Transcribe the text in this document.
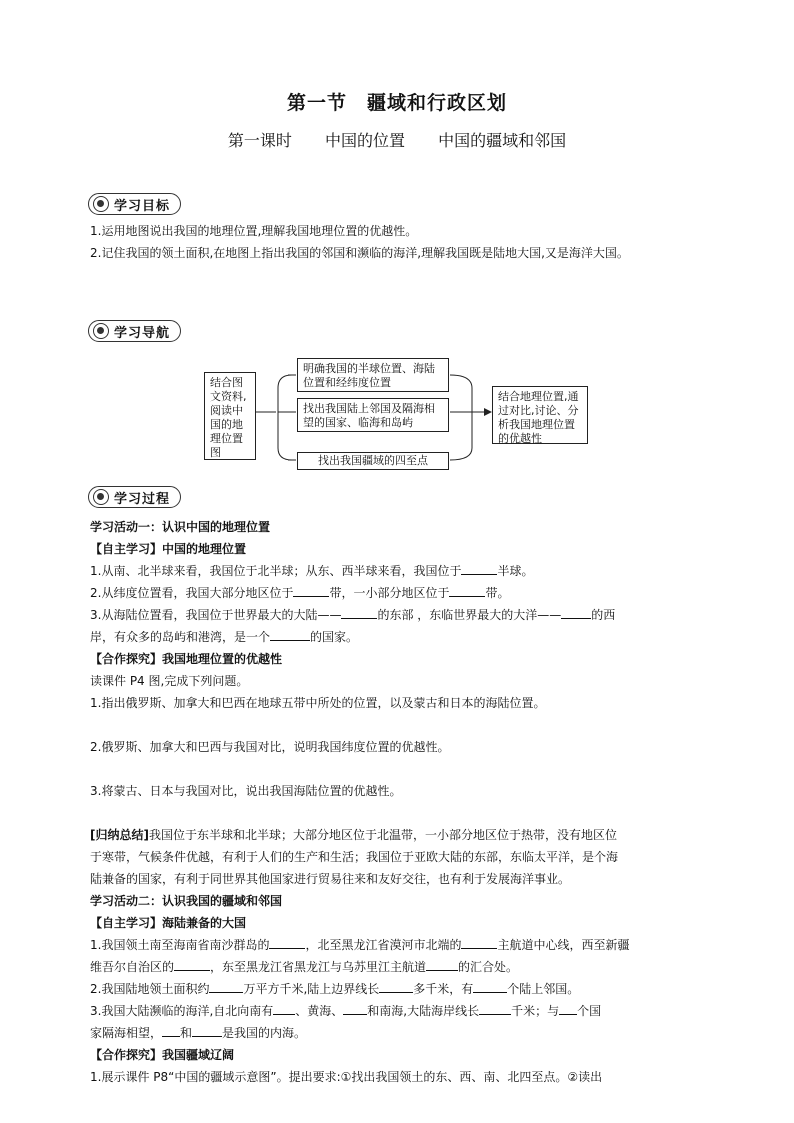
第一节　疆域和行政区划
第一课时 中国的位置 中国的疆域和邻国
学习目标

1.运用地图说出我国的地理位置,理解我国地理位置的优越性。

2.记住我国的领土面积,在地图上指出我国的邻国和濒临的海洋,理解我国既是陆地大国,又是海洋大国。

学习导航
结合图文资料,阅读中国的地理位置图
明确我国的半球位置、海陆位置和经纬度位置
找出我国陆上邻国及隔海相望的国家、临海和岛屿
找出我国疆域的四至点
结合地理位置,通过对比,讨论、分析我国地理位置的优越性
学习过程

学习活动一：认识中国的地理位置

【自主学习】中国的地理位置

1.从南、北半球来看，我国位于北半球；从东、西半球来看，我国位于	半球。

2.从纬度位置看，我国大部分地区位于	带，一小部分地区位于	带。

3.从海陆位置看，我国位于世界最大的大陆——	的东部 ，东临世界最大的大洋——	的西

岸，有众多的岛屿和港湾，是一个	的国家。

【合作探究】我国地理位置的优越性

读课件 P4 图,完成下列问题。

1.指出俄罗斯、加拿大和巴西在地球五带中所处的位置，以及蒙古和日本的海陆位置。

2.俄罗斯、加拿大和巴西与我国对比，说明我国纬度位置的优越性。

3.将蒙古、日本与我国对比，说出我国海陆位置的优越性。

[归纳总结]我国位于东半球和北半球；大部分地区位于北温带，一小部分地区位于热带，没有地区位

于寒带，气候条件优越，有利于人们的生产和生活；我国位于亚欧大陆的东部，东临太平洋，是个海

陆兼备的国家，有利于同世界其他国家进行贸易往来和友好交往，也有利于发展海洋事业。

学习活动二：认识我国的疆域和邻国

【自主学习】海陆兼备的大国

1.我国领土南至海南省南沙群岛的	，北至黑龙江省漠河市北端的	主航道中心线，西至新疆

维吾尔自治区的	，东至黑龙江省黑龙江与乌苏里江主航道	的汇合处。

2.我国陆地领土面积约	万平方千米,陆上边界线长	多千米，有	个陆上邻国。

3.我国大陆濒临的海洋,自北向南有 、黄海、 和南海,大陆海岸线长	千米；与 个国

家隔海相望， 和	是我国的内海。

【合作探究】我国疆域辽阔

1.展示课件 P8“中国的疆域示意图”。提出要求:①找出我国领土的东、西、南、北四至点。②读出
